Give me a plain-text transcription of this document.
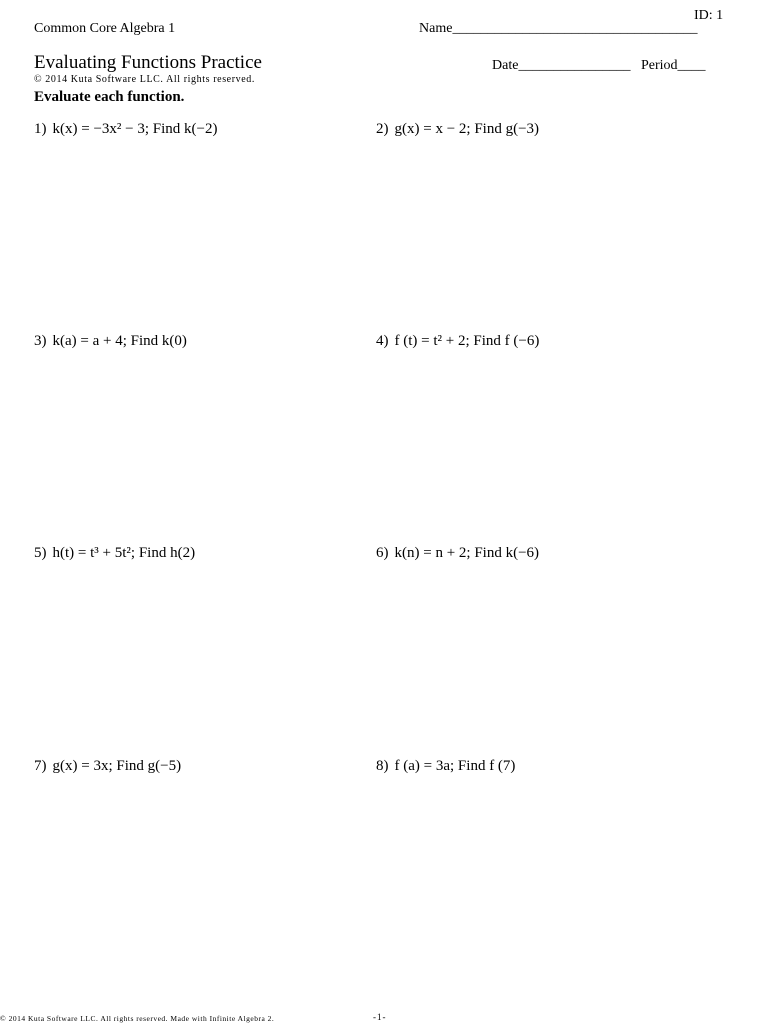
Common Core Algebra 1
ID: 1
Name___________________________________
Evaluating Functions Practice
© 2014 Kuta Software LLC. All rights reserved.
Date________________ Period____
Evaluate each function.
1) k(x) = −3x² − 3; Find k(−2)	2) g(x) = x − 2; Find g(−3)
3) k(a) = a + 4; Find k(0)	4) f (t) = t² + 2; Find f (−6)
5) h(t) = t³ + 5t²; Find h(2)	6) k(n) = n + 2; Find k(−6)
7) g(x) = 3x; Find g(−5)	8) f (a) = 3a; Find f (7)
© 2014 Kuta Software LLC. All rights reserved. Made with Infinite Algebra 2.	-1-
